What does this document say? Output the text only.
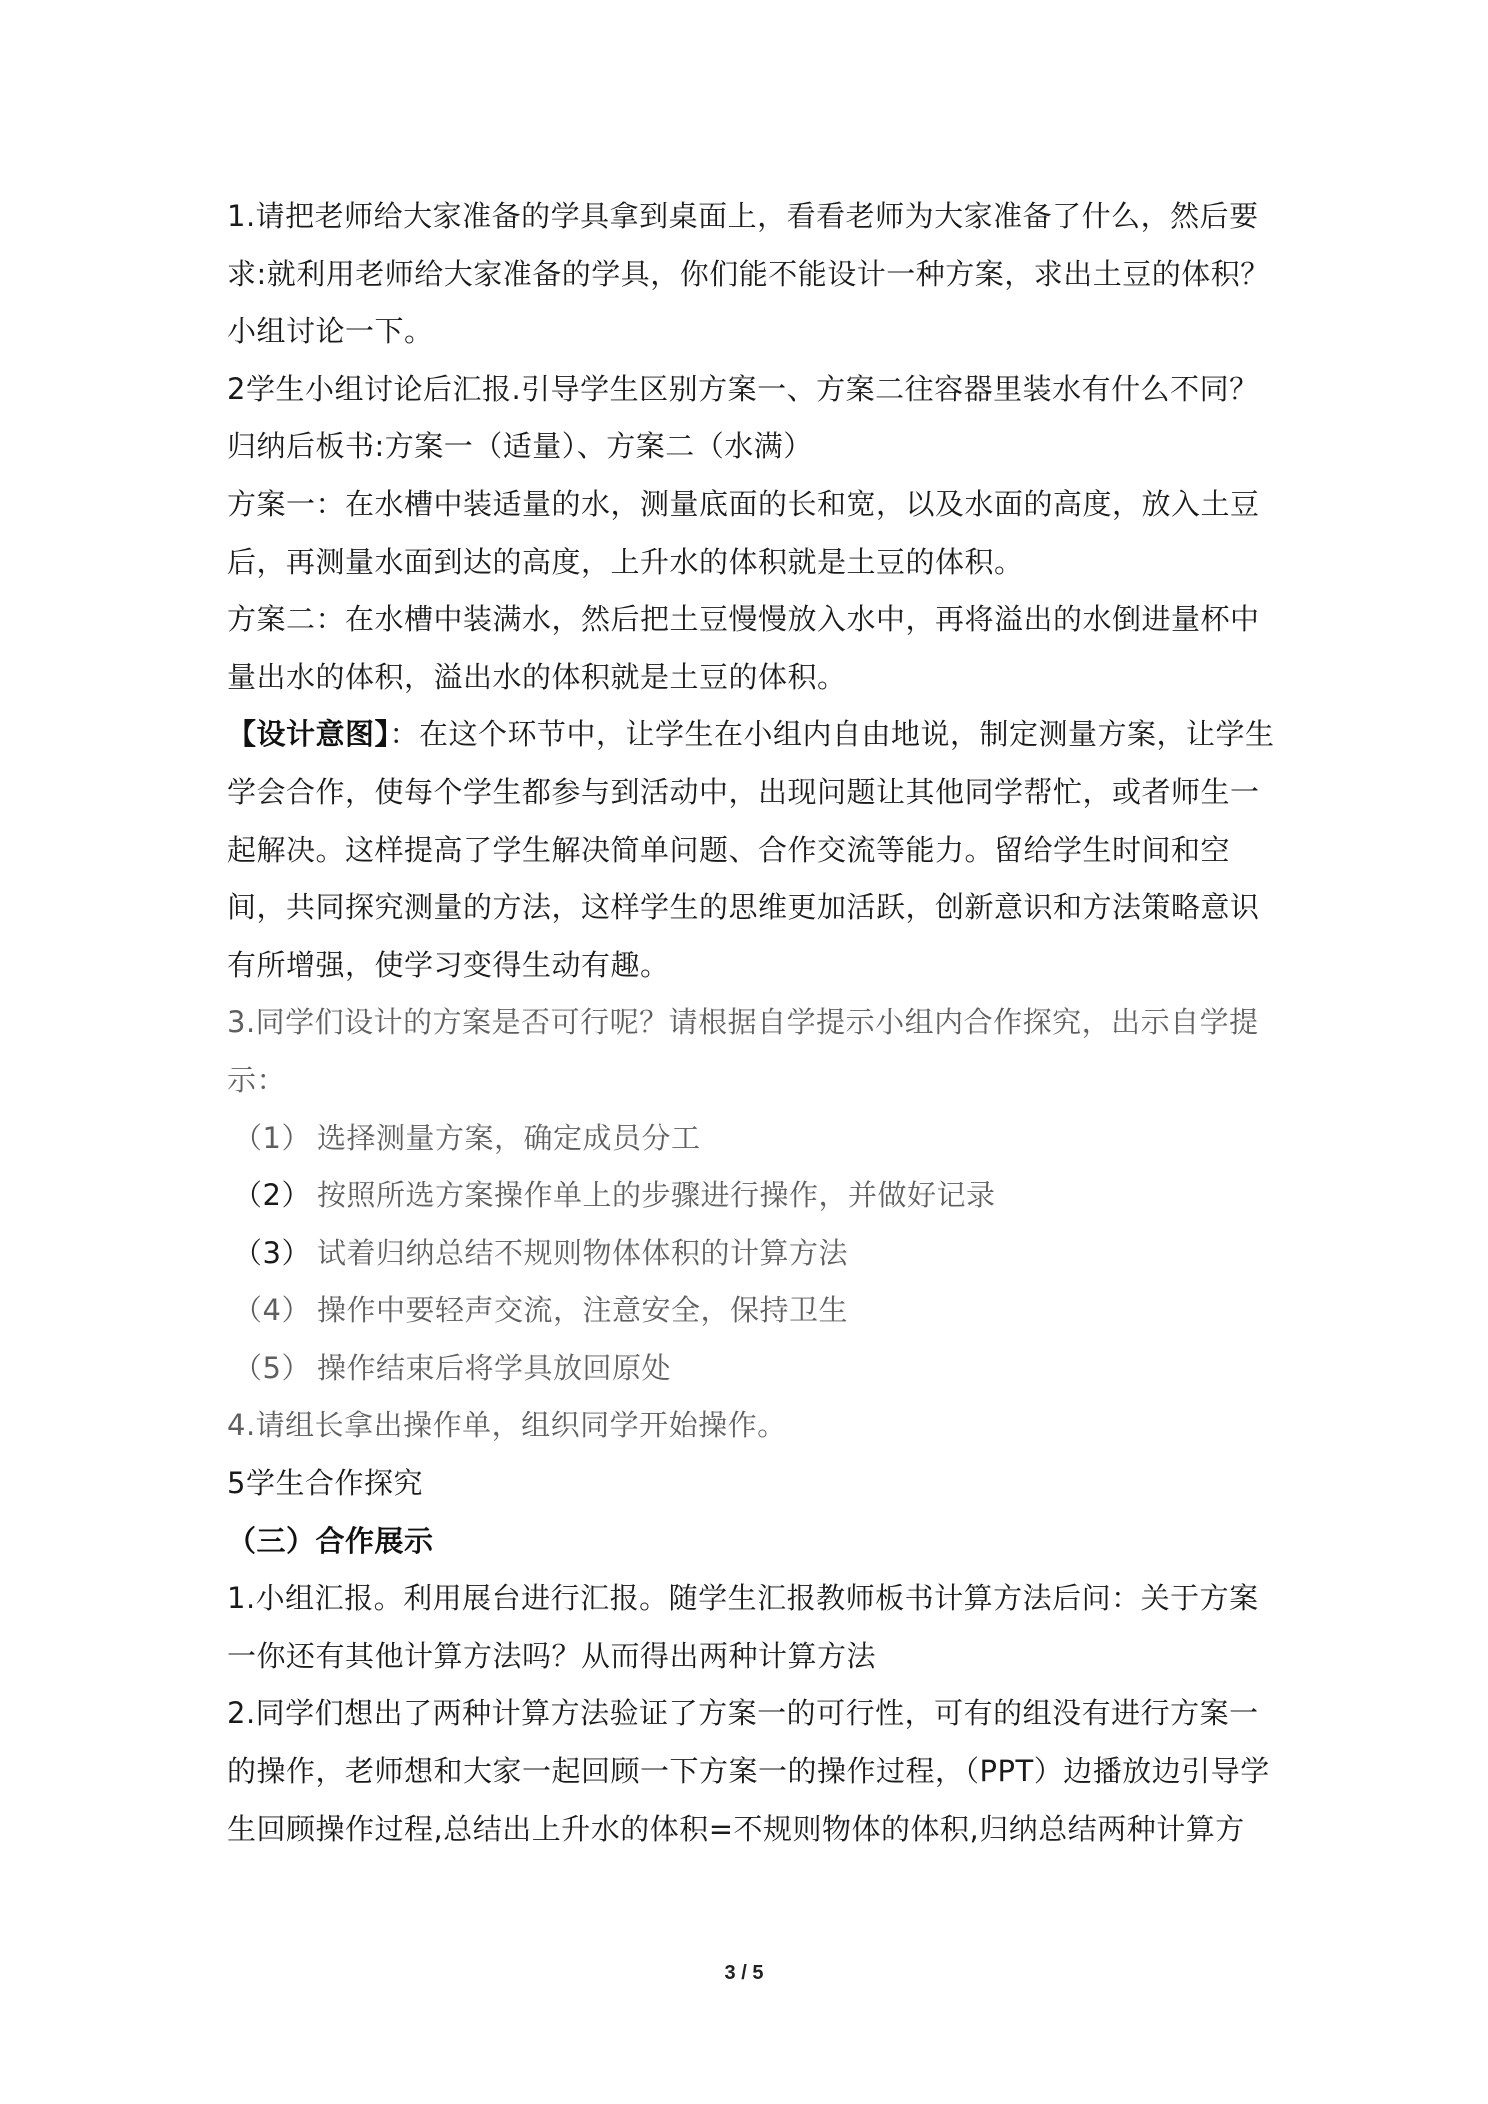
1.请把老师给大家准备的学具拿到桌面上，看看老师为大家准备了什么，然后要求:就利用老师给大家准备的学具，你们能不能设计一种方案，求出土豆的体积？小组讨论一下。

2学生小组讨论后汇报.引导学生区别方案一、方案二往容器里装水有什么不同？归纳后板书:方案一（适量）、方案二（水满）

方案一：在水槽中装适量的水，测量底面的长和宽，以及水面的高度，放入土豆后，再测量水面到达的高度，上升水的体积就是土豆的体积。

方案二：在水槽中装满水，然后把土豆慢慢放入水中，再将溢出的水倒进量杯中量出水的体积，溢出水的体积就是土豆的体积。

【设计意图】：在这个环节中，让学生在小组内自由地说，制定测量方案，让学生学会合作，使每个学生都参与到活动中，出现问题让其他同学帮忙，或者师生一起解决。这样提高了学生解决简单问题、合作交流等能力。留给学生时间和空间，共同探究测量的方法，这样学生的思维更加活跃，创新意识和方法策略意识有所增强，使学习变得生动有趣。

3.同学们设计的方案是否可行呢？请根据自学提示小组内合作探究，出示自学提示：

（1） 选择测量方案，确定成员分工

（2） 按照所选方案操作单上的步骤进行操作，并做好记录

（3） 试着归纳总结不规则物体体积的计算方法

（4） 操作中要轻声交流，注意安全，保持卫生

（5） 操作结束后将学具放回原处

4.请组长拿出操作单，组织同学开始操作。

5学生合作探究

（三）合作展示

1.小组汇报。利用展台进行汇报。随学生汇报教师板书计算方法后问：关于方案一你还有其他计算方法吗？从而得出两种计算方法

2.同学们想出了两种计算方法验证了方案一的可行性，可有的组没有进行方案一的操作，老师想和大家一起回顾一下方案一的操作过程，（PPT）边播放边引导学生回顾操作过程,总结出上升水的体积=不规则物体的体积,归纳总结两种计算方

3 / 5
